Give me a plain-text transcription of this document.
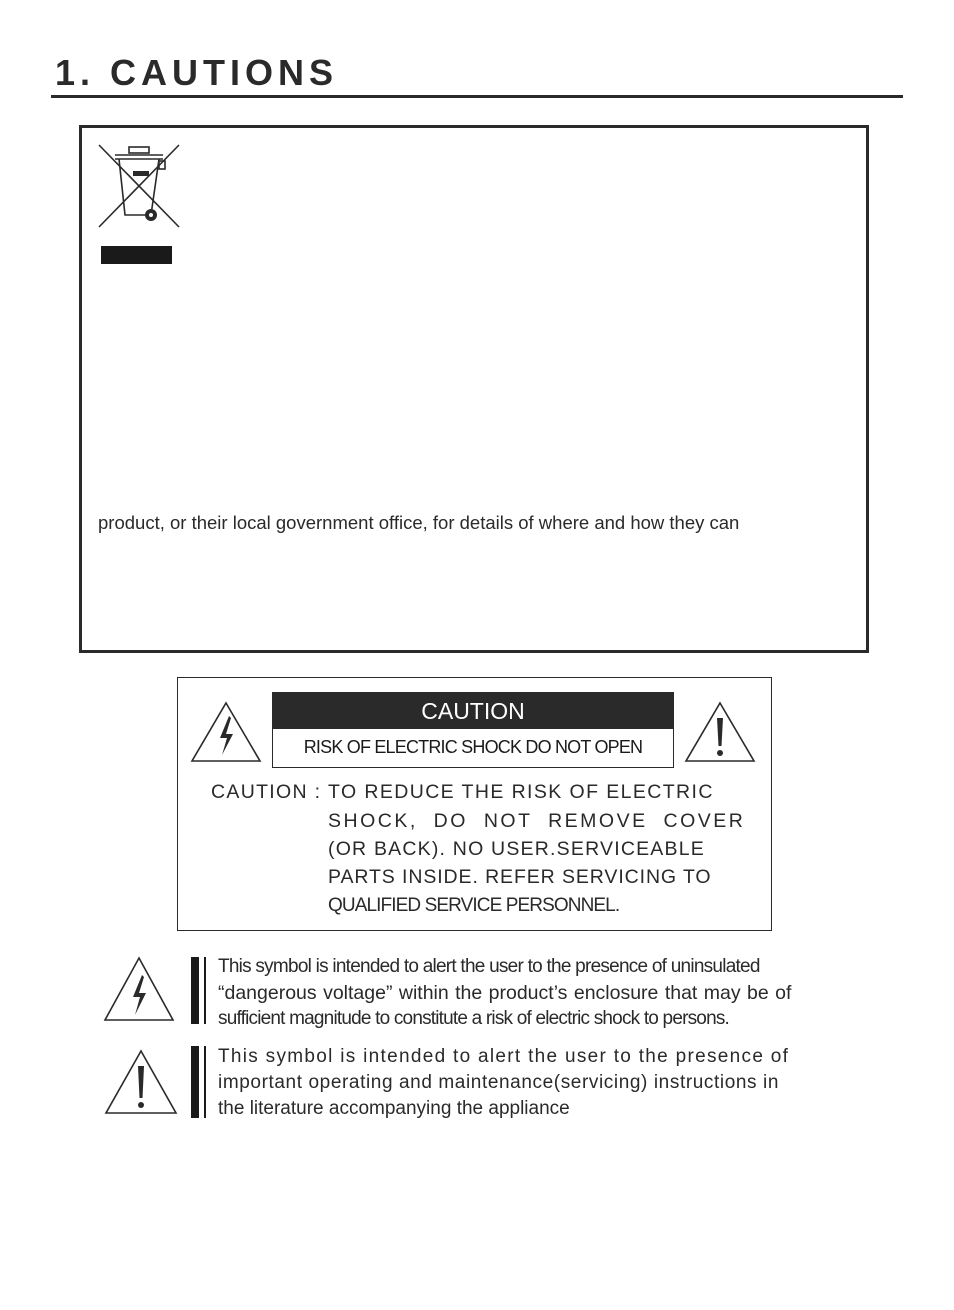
1. CAUTIONS
product, or their local government office, for details of where and how they can
CAUTION
RISK OF ELECTRIC SHOCK DO NOT OPEN
CAUTION : TO REDUCE THE RISK OF ELECTRIC
SHOCK, DO NOT REMOVE COVER
(OR BACK). NO USER.SERVICEABLE
PARTS INSIDE. REFER SERVICING TO
QUALIFIED SERVICE PERSONNEL.
This symbol is intended to alert the user to the presence of uninsulated
“dangerous voltage” within the product’s enclosure that may be of
sufficient magnitude to constitute a risk of electric shock to persons.
This symbol is intended to alert the user to the presence of
important operating and maintenance(servicing) instructions in
the literature accompanying the appliance
